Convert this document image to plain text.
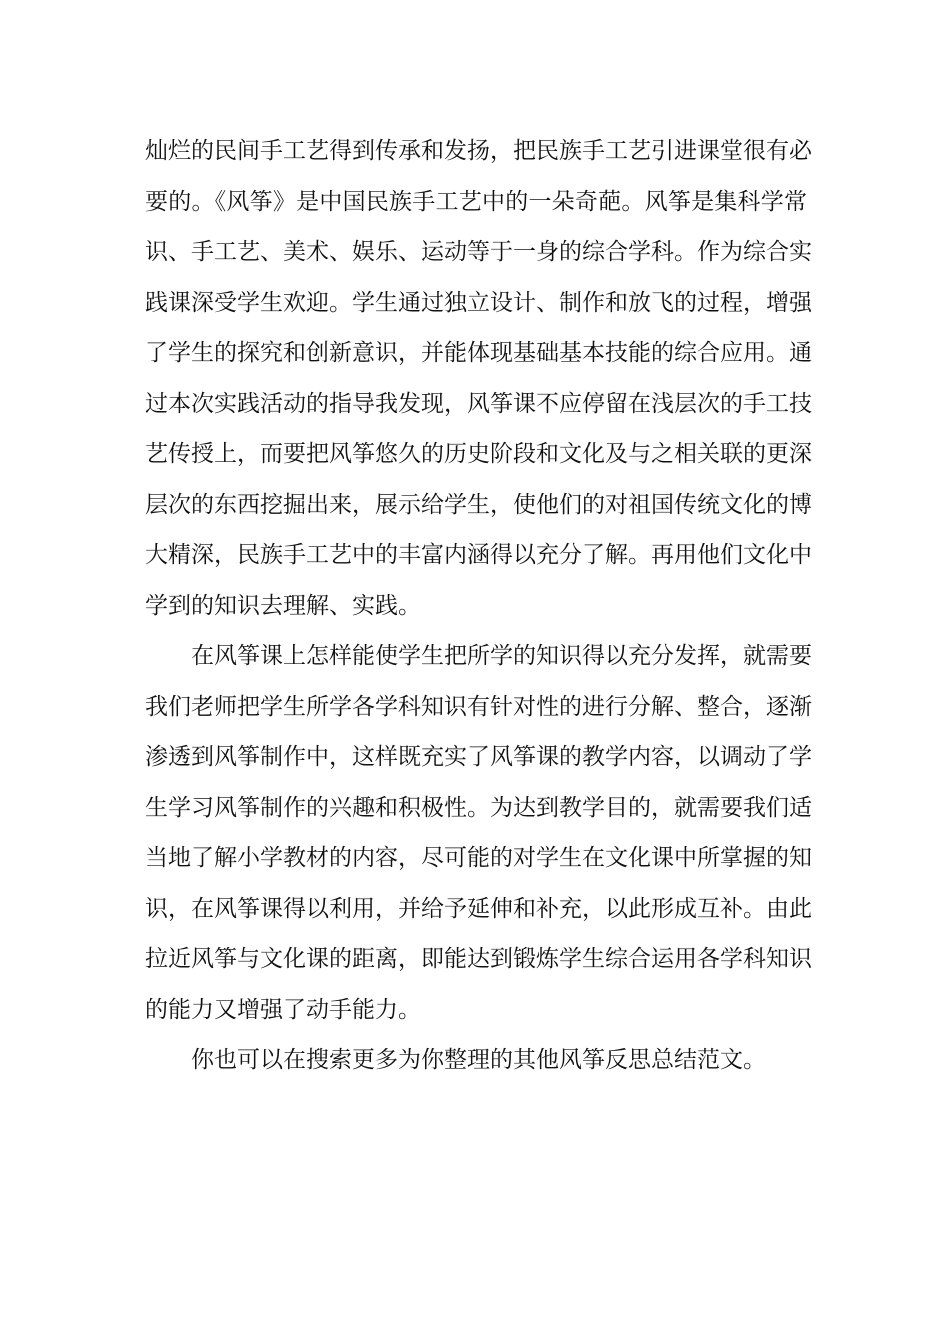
灿烂的民间手工艺得到传承和发扬，把民族手工艺引进课堂很有必
要的。《风筝》是中国民族手工艺中的一朵奇葩。风筝是集科学常
识、手工艺、美术、娱乐、运动等于一身的综合学科。作为综合实
践课深受学生欢迎。学生通过独立设计、制作和放飞的过程，增强
了学生的探究和创新意识，并能体现基础基本技能的综合应用。通
过本次实践活动的指导我发现，风筝课不应停留在浅层次的手工技
艺传授上，而要把风筝悠久的历史阶段和文化及与之相关联的更深
层次的东西挖掘出来，展示给学生，使他们的对祖国传统文化的博
大精深，民族手工艺中的丰富内涵得以充分了解。再用他们文化中
学到的知识去理解、实践。
在风筝课上怎样能使学生把所学的知识得以充分发挥，就需要
我们老师把学生所学各学科知识有针对性的进行分解、整合，逐渐
渗透到风筝制作中，这样既充实了风筝课的教学内容，以调动了学
生学习风筝制作的兴趣和积极性。为达到教学目的，就需要我们适
当地了解小学教材的内容，尽可能的对学生在文化课中所掌握的知
识，在风筝课得以利用，并给予延伸和补充，以此形成互补。由此
拉近风筝与文化课的距离，即能达到锻炼学生综合运用各学科知识
的能力又增强了动手能力。
你也可以在搜索更多为你整理的其他风筝反思总结范文。
